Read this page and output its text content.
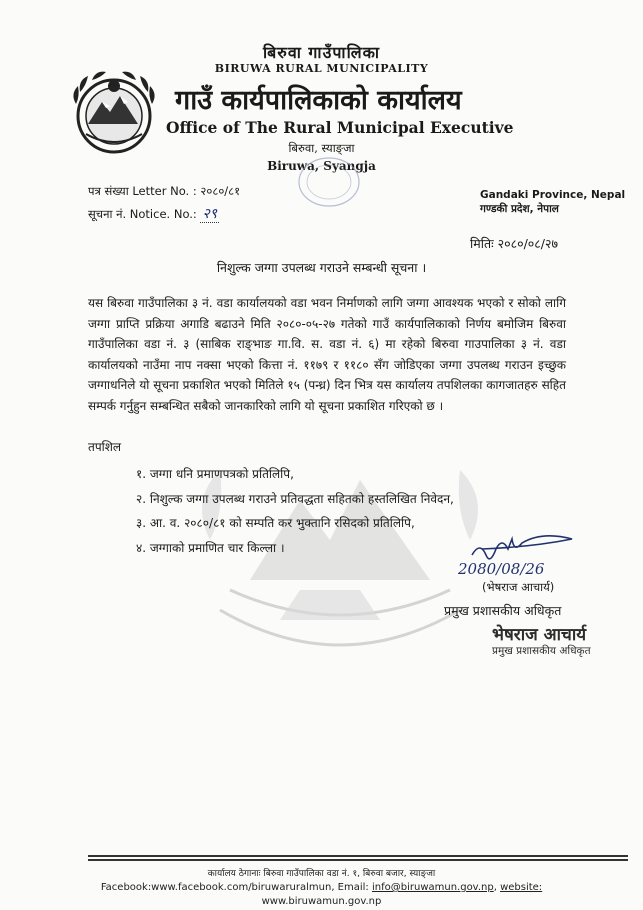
बिरुवा गाउँपालिका
BIRUWA RURAL MUNICIPALITY
गाउँ कार्यपालिकाको कार्यालय
Office of The Rural Municipal Executive
बिरुवा, स्याङ्जा
Biruwa, Syangja
पत्र संख्या Letter No. : २०८०/८१
सूचना नं. Notice. No.: २९
Gandaki Province, Nepal
गण्डकी प्रदेश, नेपाल
मितिः २०८०/०८/२७
निशुल्क जग्गा उपलब्ध गराउने सम्बन्धी सूचना ।

यस बिरुवा गाउँपालिका ३ नं. वडा कार्यालयको वडा भवन निर्माणको लागि जग्गा आवश्यक भएको र सोको लागि जग्गा प्राप्ति प्रक्रिया अगाडि बढाउने मिति २०८०-०५-२७ गतेको गाउँ कार्यपालिकाको निर्णय बमोजिम बिरुवा गाउँपालिका वडा नं. ३ (साबिक राङ्भाङ गा.वि. स. वडा नं. ६) मा रहेको बिरुवा गाउपालिका ३ नं. वडा कार्यालयको नाउँमा नाप नक्सा भएको कित्ता नं. ११७९ र ११८० सँग जोडिएका जग्गा उपलब्ध गराउन इच्छुक जग्गाधनिले यो सूचना प्रकाशित भएको मितिले १५ (पन्ध्र) दिन भित्र यस कार्यालय तपशिलका कागजातहरु सहित सम्पर्क गर्नुहुन सम्बन्धित सबैको जानकारिको लागि यो सूचना प्रकाशित गरिएको छ ।

तपशिल
१. जग्गा धनि प्रमाणपत्रको प्रतिलिपि,
२. निशुल्क जग्गा उपलब्ध गराउने प्रतिवद्धता सहितको हस्तलिखित निवेदन,
३. आ. व. २०८०/८१ को सम्पति कर भुक्तानि रसिदको प्रतिलिपि,
४. जग्गाको प्रमाणित चार किल्ला ।
2080/08/26
(भेषराज आचार्य)
प्रमुख प्रशासकीय अधिकृत
भेषराज आचार्य
प्रमुख प्रशासकीय अधिकृत
कार्यालय ठेगानाः बिरुवा गाउँपालिका वडा नं. १, बिरुवा बजार, स्याङ्जा
Facebook:www.facebook.com/biruwaruralmun, Email: info@biruwamun.gov.np, website:
www.biruwamun.gov.np
